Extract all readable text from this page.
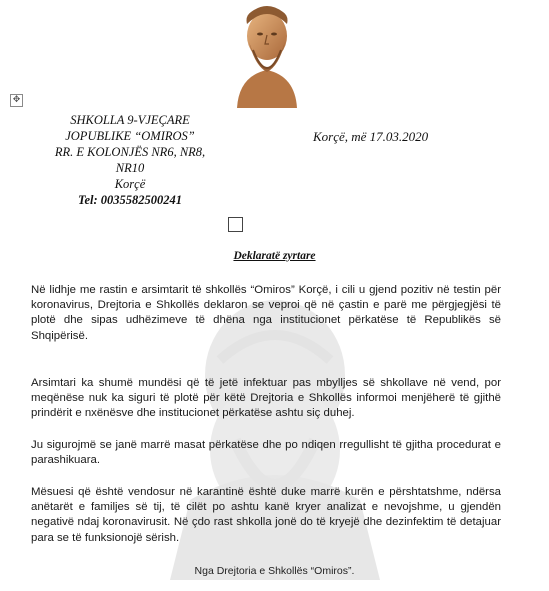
✥
SHKOLLA 9-VJEÇARE
JOPUBLIKE “OMIROS”
RR. E KOLONJËS NR6, NR8,
NR10
Korçë
Tel: 0035582500241
Korçë, më 17.03.2020
Deklaratë zyrtare

Në lidhje me rastin e arsimtarit të shkollës “Omiros” Korçë, i cili u gjend pozitiv në testin për koronavirus, Drejtoria e Shkollës deklaron se veproi që në çastin e parë me përgjegjësi të plotë dhe sipas udhëzimeve të dhëna nga institucionet përkatëse të Republikës së Shqipërisë.

Arsimtari ka shumë mundësi që të jetë infektuar pas mbylljes së shkollave në vend, por meqënëse nuk ka siguri të plotë për këtë Drejtoria e Shkollës informoi menjëherë të gjithë prindërit e nxënësve dhe institucionet përkatëse ashtu siç duhej.

Ju sigurojmë se janë marrë masat përkatëse dhe po ndiqen rregullisht të gjitha procedurat e parashikuara.

Mësuesi që është vendosur në karantinë është duke marrë kurën e përshtatshme, ndërsa anëtarët e familjes së tij, të cilët po ashtu kanë kryer analizat e nevojshme, u gjendën negativë ndaj koronavirusit. Në çdo rast shkolla jonë do të kryejë dhe dezinfektim të detajuar para se të funksionojë sërish.

Nga Drejtoria e Shkollës “Omiros”.
